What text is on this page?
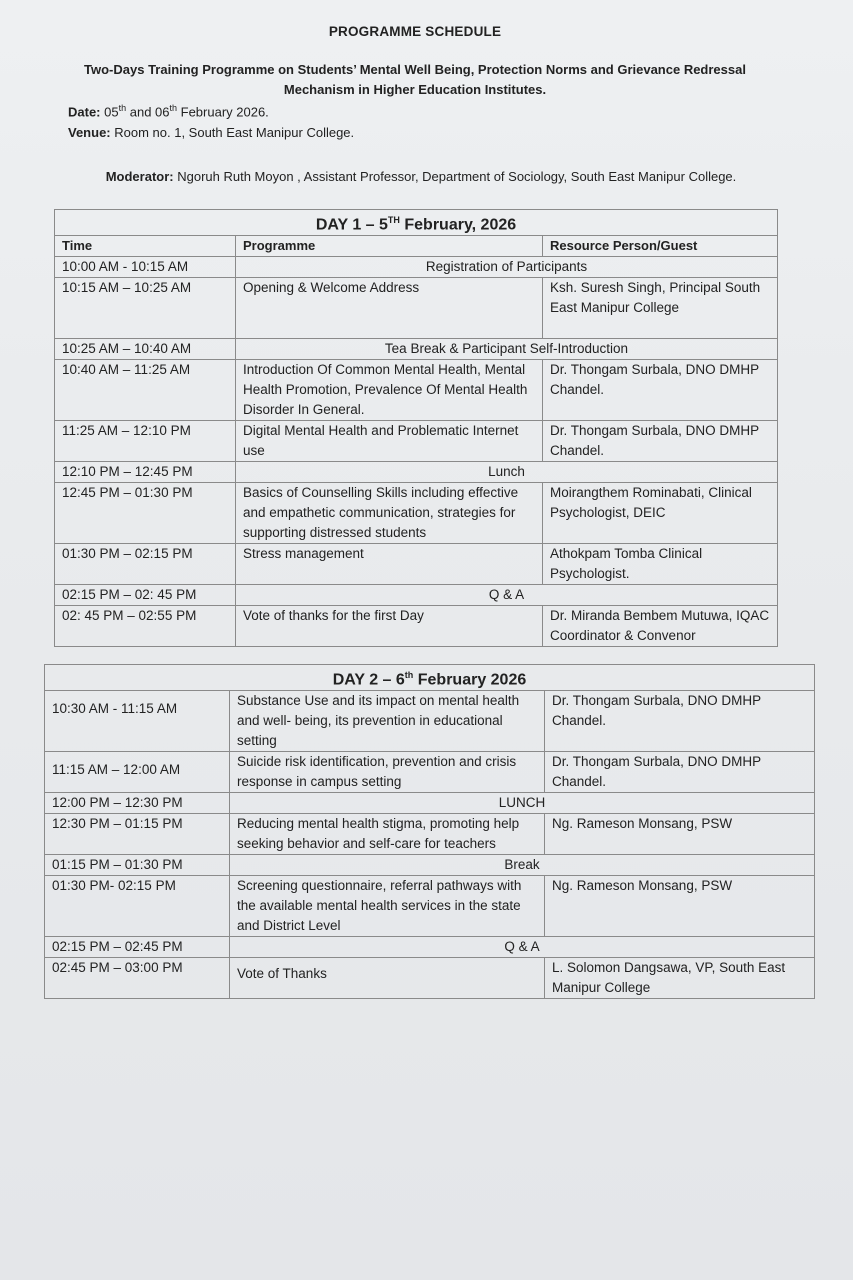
PROGRAMME SCHEDULE
Two-Days Training Programme on Students’ Mental Well Being, Protection Norms and Grievance Redressal Mechanism in Higher Education Institutes.
Date: 05th and 06th February 2026.
Venue: Room no. 1, South East Manipur College.
Moderator: Ngoruh Ruth Moyon , Assistant Professor, Department of Sociology, South East Manipur College.
DAY 1 – 5TH February, 2026		
Time	Programme	Resource Person/Guest
10:00 AM - 10:15 AM	Registration of Participants	
10:15 AM – 10:25 AM	Opening & Welcome Address	Ksh. Suresh Singh, Principal South East Manipur College
10:25 AM – 10:40 AM	Tea Break & Participant Self-Introduction	
10:40 AM – 11:25 AM	Introduction Of Common Mental Health, Mental Health Promotion, Prevalence Of Mental Health Disorder In General.	Dr. Thongam Surbala, DNO DMHP Chandel.
11:25 AM – 12:10 PM	Digital Mental Health and Problematic Internet use	Dr. Thongam Surbala, DNO DMHP Chandel.
12:10 PM – 12:45 PM	Lunch	
12:45 PM – 01:30 PM	Basics of Counselling Skills including effective and empathetic communication, strategies for supporting distressed students	Moirangthem Rominabati, Clinical Psychologist, DEIC
01:30 PM – 02:15 PM	Stress management	Athokpam Tomba Clinical Psychologist.
02:15 PM – 02: 45 PM	Q & A	
02: 45 PM – 02:55 PM	Vote of thanks for the first Day	Dr. Miranda Bembem Mutuwa, IQAC Coordinator & Convenor
DAY 2 – 6th February 2026		
10:30 AM - 11:15 AM	Substance Use and its impact on mental health and well- being, its prevention in educational setting	Dr. Thongam Surbala, DNO DMHP Chandel.
11:15 AM – 12:00 AM	Suicide risk identification, prevention and crisis response in campus setting	Dr. Thongam Surbala, DNO DMHP Chandel.
12:00 PM – 12:30 PM	LUNCH	
12:30 PM – 01:15 PM	Reducing mental health stigma, promoting help seeking behavior and self-care for teachers	Ng. Rameson Monsang, PSW
01:15 PM – 01:30 PM	Break	
01:30 PM- 02:15 PM	Screening questionnaire, referral pathways with the available mental health services in the state and District Level	Ng. Rameson Monsang, PSW
02:15 PM – 02:45 PM	Q & A	
02:45 PM – 03:00 PM	Vote of Thanks	L. Solomon Dangsawa, VP, South East Manipur College
